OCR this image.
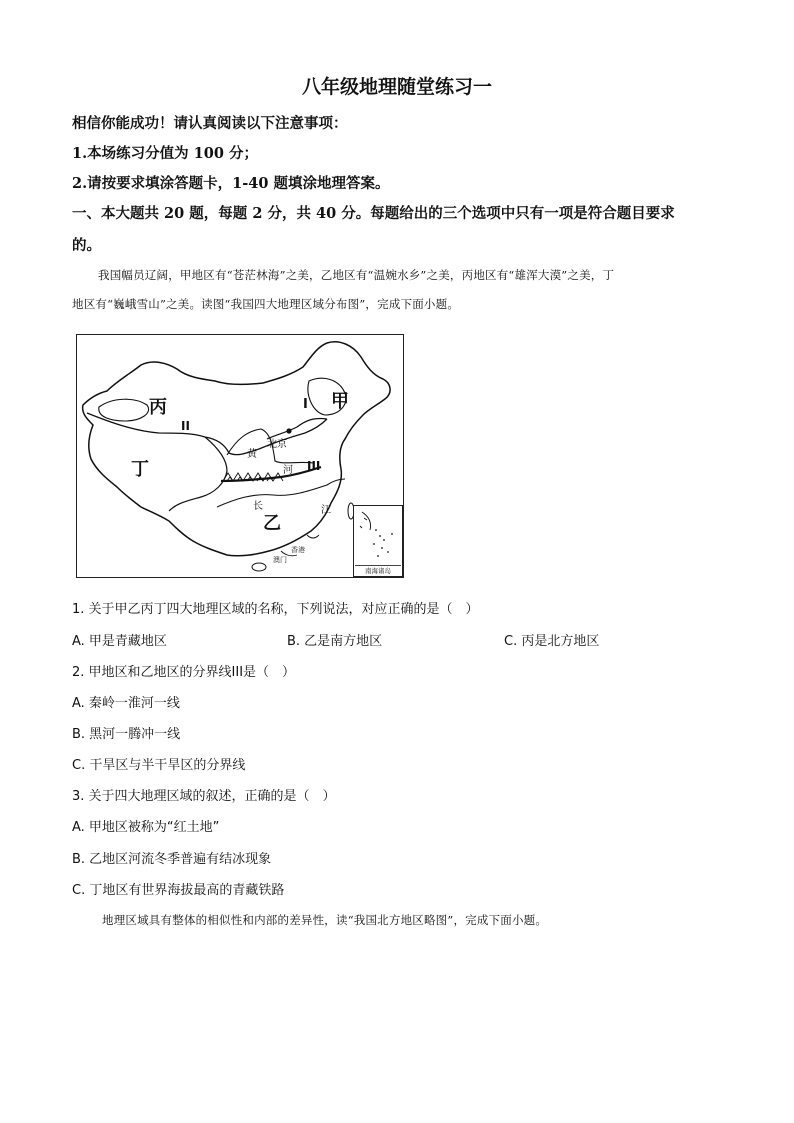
八年级地理随堂练习一
相信你能成功！请认真阅读以下注意事项：
1.本场练习分值为 100 分；
2.请按要求填涂答题卡，1-40 题填涂地理答案。
一、本大题共 20 题，每题 2 分，共 40 分。每题给出的三个选项中只有一项是符合题目要求
的。
我国幅员辽阔，甲地区有“苍茫林海”之美，乙地区有“温婉水乡”之美，丙地区有“雄浑大漠”之美，丁
地区有“巍峨雪山”之美。读图“我国四大地理区域分布图”，完成下面小题。
丙	甲
丁
乙
I
II
III
北京
黄
河
长	江
香港
澳门
南海诸岛
1. 关于甲乙丙丁四大地理区域的名称，下列说法，对应正确的是（　）
A. 甲是青藏地区	B. 乙是南方地区	C. 丙是北方地区
2. 甲地区和乙地区的分界线III是（　）
A. 秦岭一淮河一线
B. 黑河一腾冲一线
C. 干旱区与半干旱区的分界线
3. 关于四大地理区域的叙述，正确的是（　）
A. 甲地区被称为“红土地”
B. 乙地区河流冬季普遍有结冰现象
C. 丁地区有世界海拔最高的青藏铁路
地理区域具有整体的相似性和内部的差异性，读“我国北方地区略图”，完成下面小题。
